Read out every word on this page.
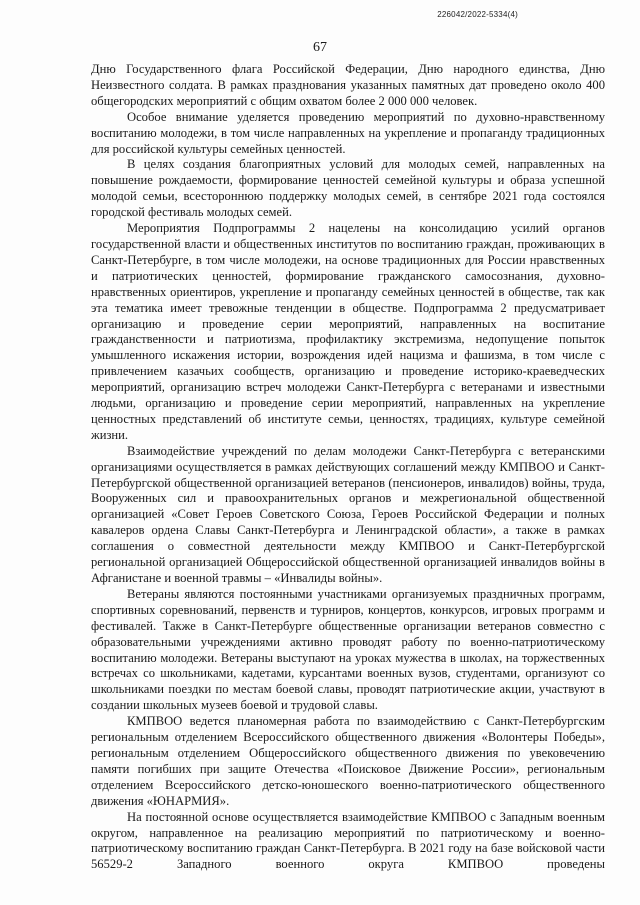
226042/2022-5334(4)
67

Дню Государственного флага Российской Федерации, Дню народного единства, Дню Неизвестного солдата. В рамках празднования указанных памятных дат проведено около 400 общегородских мероприятий с общим охватом более 2 000 000 человек.

Особое внимание уделяется проведению мероприятий по духовно-нравственному воспитанию молодежи, в том числе направленных на укрепление и пропаганду традиционных для российской культуры семейных ценностей.

В целях создания благоприятных условий для молодых семей, направленных на повышение рождаемости, формирование ценностей семейной культуры и образа успешной молодой семьи, всестороннюю поддержку молодых семей, в сентябре 2021 года состоялся городской фестиваль молодых семей.

Мероприятия Подпрограммы 2 нацелены на консолидацию усилий органов государственной власти и общественных институтов по воспитанию граждан, проживающих в Санкт-Петербурге, в том числе молодежи, на основе традиционных для России нравственных и патриотических ценностей, формирование гражданского самосознания, духовно-нравственных ориентиров, укрепление и пропаганду семейных ценностей в обществе, так как эта тематика имеет тревожные тенденции в обществе. Подпрограмма 2 предусматривает организацию и проведение серии мероприятий, направленных на воспитание гражданственности и патриотизма, профилактику экстремизма, недопущение попыток умышленного искажения истории, возрождения идей нацизма и фашизма, в том числе с привлечением казачьих сообществ, организацию и проведение историко-краеведческих мероприятий, организацию встреч молодежи Санкт-Петербурга с ветеранами и известными людьми, организацию и проведение серии мероприятий, направленных на укрепление ценностных представлений об институте семьи, ценностях, традициях, культуре семейной жизни.

Взаимодействие учреждений по делам молодежи Санкт-Петербурга с ветеранскими организациями осуществляется в рамках действующих соглашений между КМПВОО и Санкт-Петербургской общественной организацией ветеранов (пенсионеров, инвалидов) войны, труда, Вооруженных сил и правоохранительных органов и межрегиональной общественной организацией «Совет Героев Советского Союза, Героев Российской Федерации и полных кавалеров ордена Славы Санкт-Петербурга и Ленинградской области», а также в рамках соглашения о совместной деятельности между КМПВОО и Санкт-Петербургской региональной организацией Общероссийской общественной организацией инвалидов войны в Афганистане и военной травмы – «Инвалиды войны».

Ветераны являются постоянными участниками организуемых праздничных программ, спортивных соревнований, первенств и турниров, концертов, конкурсов, игровых программ и фестивалей. Также в Санкт-Петербурге общественные организации ветеранов совместно с образовательными учреждениями активно проводят работу по военно-патриотическому воспитанию молодежи. Ветераны выступают на уроках мужества в школах, на торжественных встречах со школьниками, кадетами, курсантами военных вузов, студентами, организуют со школьниками поездки по местам боевой славы, проводят патриотические акции, участвуют в создании школьных музеев боевой и трудовой славы.

КМПВОО ведется планомерная работа по взаимодействию с Санкт-Петербургским региональным отделением Всероссийского общественного движения «Волонтеры Победы», региональным отделением Общероссийского общественного движения по увековечению памяти погибших при защите Отечества «Поисковое Движение России», региональным отделением Всероссийского детско-юношеского военно-патриотического общественного движения «ЮНАРМИЯ».

На постоянной основе осуществляется взаимодействие КМПВОО с Западным военным округом, направленное на реализацию мероприятий по патриотическому и военно-патриотическому воспитанию граждан Санкт-Петербурга. В 2021 году на базе войсковой части 56529-2 Западного военного округа КМПВОО проведены
